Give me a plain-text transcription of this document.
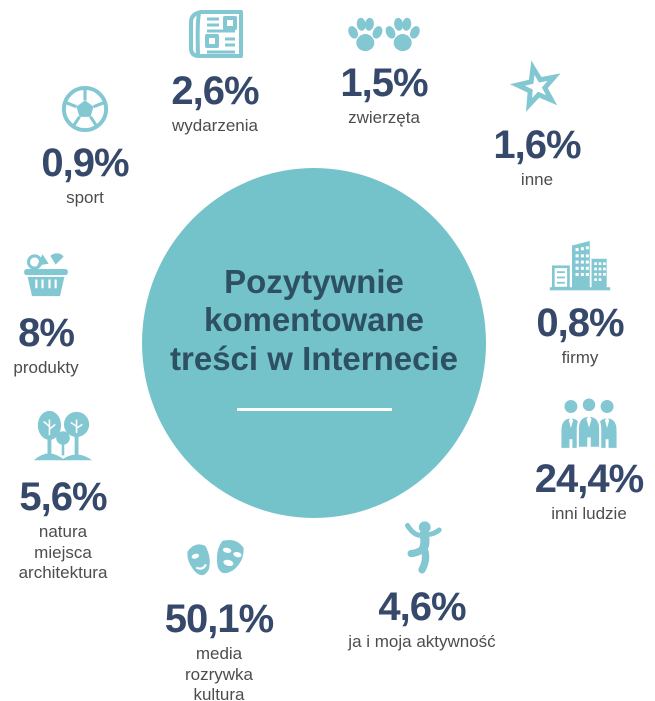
Pozytywnie
komentowane
treści w Internecie
0,9%
sport
2,6%
wydarzenia
1,5%
zwierzęta
1,6%
inne
8%
produkty
0,8%
firmy
5,6%
natura
miejsca
architektura
24,4%
inni ludzie
50,1%
media
rozrywka
kultura
4,6%
ja i moja aktywność
